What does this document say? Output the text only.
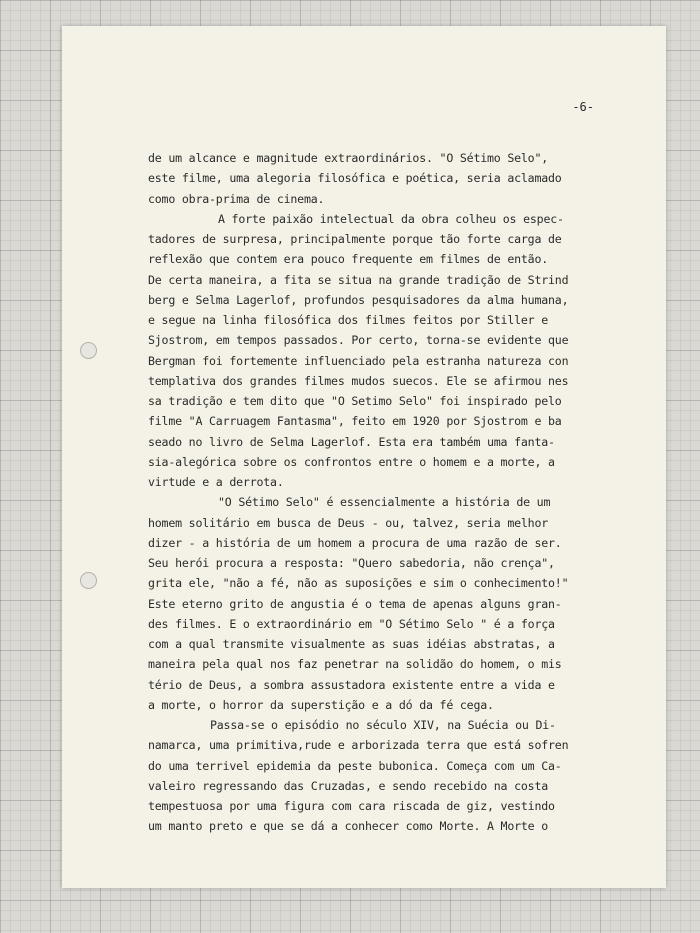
-6-
de um alcance e magnitude extraordinários. "O Sétimo Selo",
este filme, uma alegoria filosófica e poética, seria aclamado
como obra-prima de cinema.
A forte paixão intelectual da obra colheu os espec-
tadores de surpresa, principalmente porque tão forte carga de
reflexão que contem era pouco frequente em filmes de então.
De certa maneira, a fita se situa na grande tradição de Strind
berg e Selma Lagerlof, profundos pesquisadores da alma humana,
e segue na linha filosófica dos filmes feitos por Stiller e
Sjostrom, em tempos passados. Por certo, torna-se evidente que
Bergman foi fortemente influenciado pela estranha natureza con
templativa dos grandes filmes mudos suecos. Ele se afirmou nes
sa tradição e tem dito que "O Setimo Selo" foi inspirado pelo
filme "A Carruagem Fantasma", feito em 1920 por Sjostrom e ba
seado no livro de Selma Lagerlof. Esta era também uma fanta-
sia-alegórica sobre os confrontos entre o homem e a morte, a
virtude e a derrota.
"O Sétimo Selo" é essencialmente a história de um
homem solitário em busca de Deus - ou, talvez, seria melhor
dizer - a história de um homem a procura de uma razão de ser.
Seu herói procura a resposta: "Quero sabedoria, não crença",
grita ele, "não a fé, não as suposições e sim o conhecimento!"
Este eterno grito de angustia é o tema de apenas alguns gran-
des filmes. E o extraordinário em "O Sétimo Selo " é a força
com a qual transmite visualmente as suas idéias abstratas, a
maneira pela qual nos faz penetrar na solidão do homem, o mis
tério de Deus, a sombra assustadora existente entre a vida e
a morte, o horror da superstição e a dó da fé cega.
Passa-se o episódio no século XIV, na Suécia ou Di-
namarca, uma primitiva,rude e arborizada terra que está sofren
do uma terrivel epidemia da peste bubonica. Começa com um Ca-
valeiro regressando das Cruzadas, e sendo recebido na costa
tempestuosa por uma figura com cara riscada de giz, vestindo
um manto preto e que se dá a conhecer como Morte. A Morte o
